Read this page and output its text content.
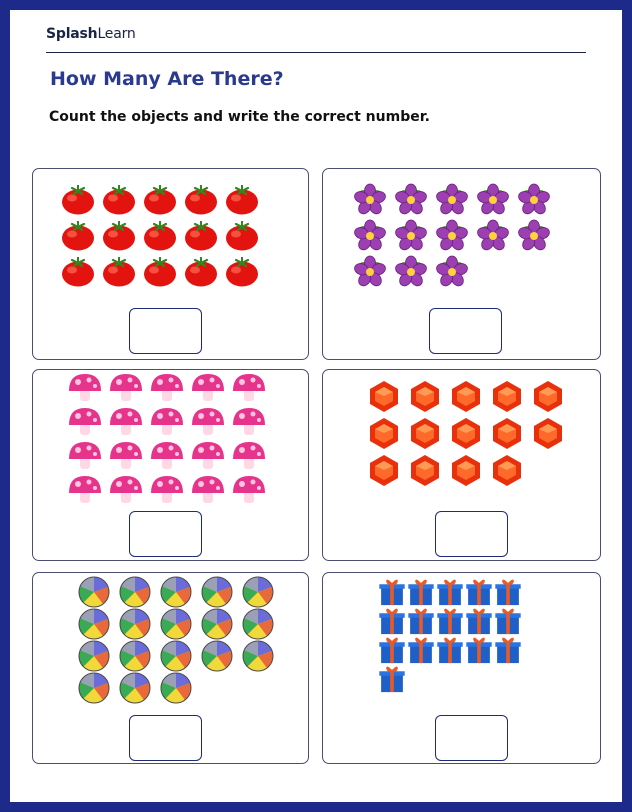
SplashLearn
How Many Are There?
Count the objects and write the correct number.
